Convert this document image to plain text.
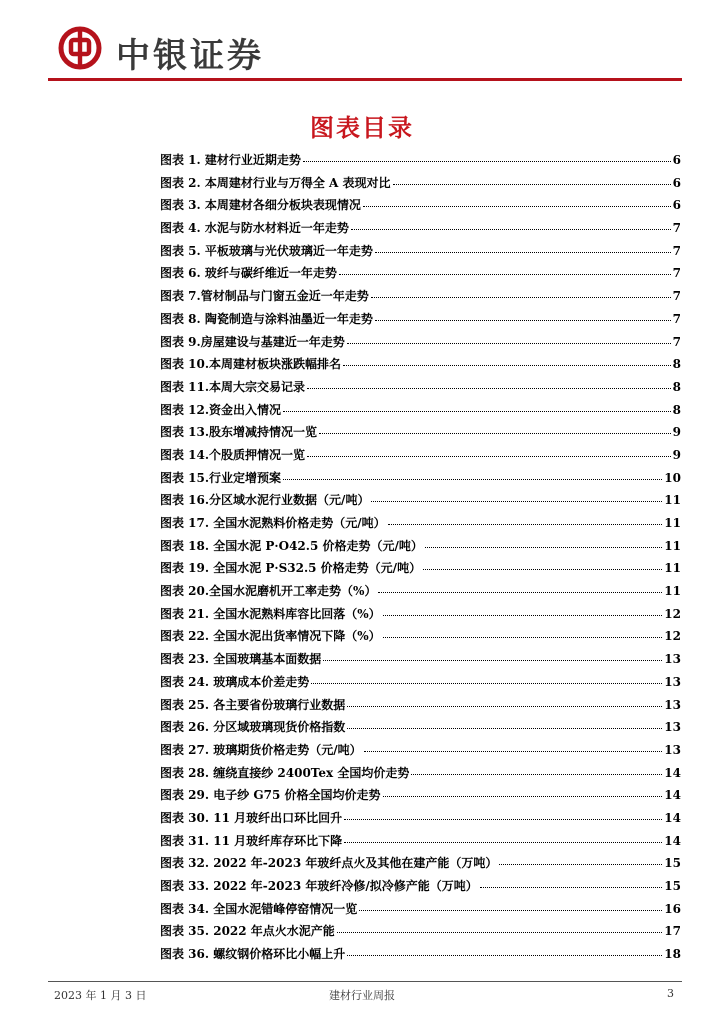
中银证券
图表目录
图表 1. 建材行业近期走势	6
图表 2. 本周建材行业与万得全 A 表现对比	6
图表 3. 本周建材各细分板块表现情况	6
图表 4. 水泥与防水材料近一年走势	7
图表 5. 平板玻璃与光伏玻璃近一年走势	7
图表 6. 玻纤与碳纤维近一年走势	7
图表 7.管材制品与门窗五金近一年走势	7
图表 8. 陶瓷制造与涂料油墨近一年走势	7
图表 9.房屋建设与基建近一年走势	7
图表 10.本周建材板块涨跌幅排名	8
图表 11.本周大宗交易记录	8
图表 12.资金出入情况	8
图表 13.股东增减持情况一览	9
图表 14.个股质押情况一览	9
图表 15.行业定增预案	10
图表 16.分区域水泥行业数据（元/吨）	11
图表 17. 全国水泥熟料价格走势（元/吨）	11
图表 18. 全国水泥 P·O42.5 价格走势（元/吨）	11
图表 19. 全国水泥 P·S32.5 价格走势（元/吨）	11
图表 20.全国水泥磨机开工率走势（%）	11
图表 21. 全国水泥熟料库容比回落（%）	12
图表 22. 全国水泥出货率情况下降（%）	12
图表 23. 全国玻璃基本面数据	13
图表 24. 玻璃成本价差走势	13
图表 25. 各主要省份玻璃行业数据	13
图表 26. 分区域玻璃现货价格指数	13
图表 27. 玻璃期货价格走势（元/吨）	13
图表 28. 缠绕直接纱 2400Tex 全国均价走势	14
图表 29. 电子纱 G75 价格全国均价走势	14
图表 30. 11 月玻纤出口环比回升	14
图表 31. 11 月玻纤库存环比下降	14
图表 32. 2022 年-2023 年玻纤点火及其他在建产能（万吨）	15
图表 33. 2022 年-2023 年玻纤冷修/拟冷修产能（万吨）	15
图表 34. 全国水泥错峰停窑情况一览	16
图表 35. 2022 年点火水泥产能	17
图表 36. 螺纹钢价格环比小幅上升	18
2023 年 1 月 3 日	建材行业周报	3
